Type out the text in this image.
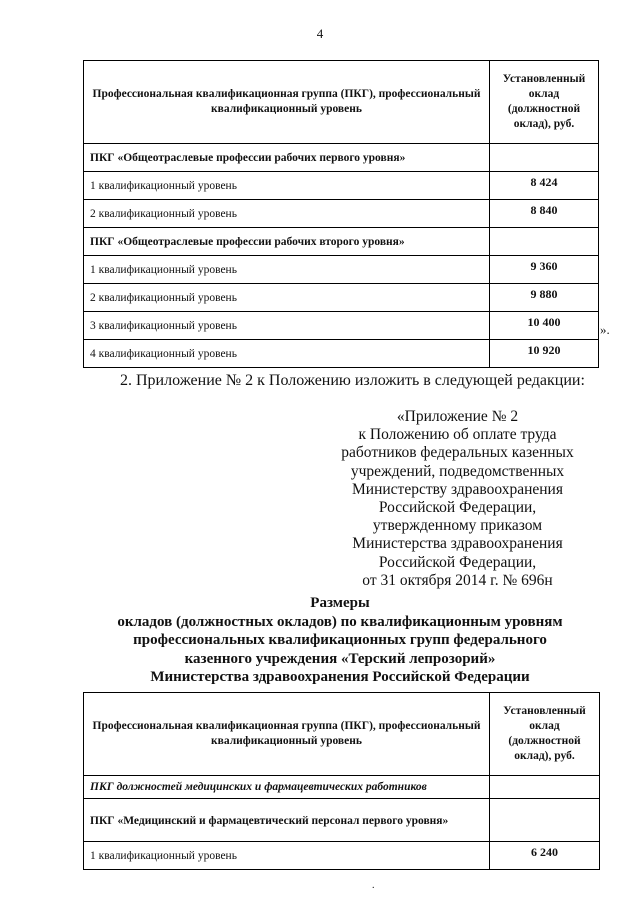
4
Профессиональная квалификационная группа (ПКГ), профессиональный квалификационный уровень	Установленный
оклад
(должностной
оклад), руб.

ПКГ «Общеотраслевые профессии рабочих первого уровня»	
1 квалификационный уровень	8 424
2 квалификационный уровень	8 840
ПКГ «Общеотраслевые профессии рабочих второго уровня»	
1 квалификационный уровень	9 360
2 квалификационный уровень	9 880
3 квалификационный уровень	10 400
4 квалификационный уровень	10 920
».
2. Приложение № 2 к Положению изложить в следующей редакции:
«Приложение № 2
к Положению об оплате труда
работников федеральных казенных
учреждений, подведомственных
Министерству здравоохранения
Российской Федерации,
утвержденному приказом
Министерства здравоохранения
Российской Федерации,
от 31 октября 2014 г. № 696н
Размеры
окладов (должностных окладов) по квалификационным уровням
профессиональных квалификационных групп федерального
казенного учреждения «Терский лепрозорий»
Министерства здравоохранения Российской Федерации
Профессиональная квалификационная группа (ПКГ), профессиональный квалификационный уровень	Установленный
оклад
(должностной
оклад), руб.

ПКГ должностей медицинских и фармацевтических работников	
ПКГ «Медицинский и фармацевтический персонал первого уровня»	
1 квалификационный уровень	6 240
.
